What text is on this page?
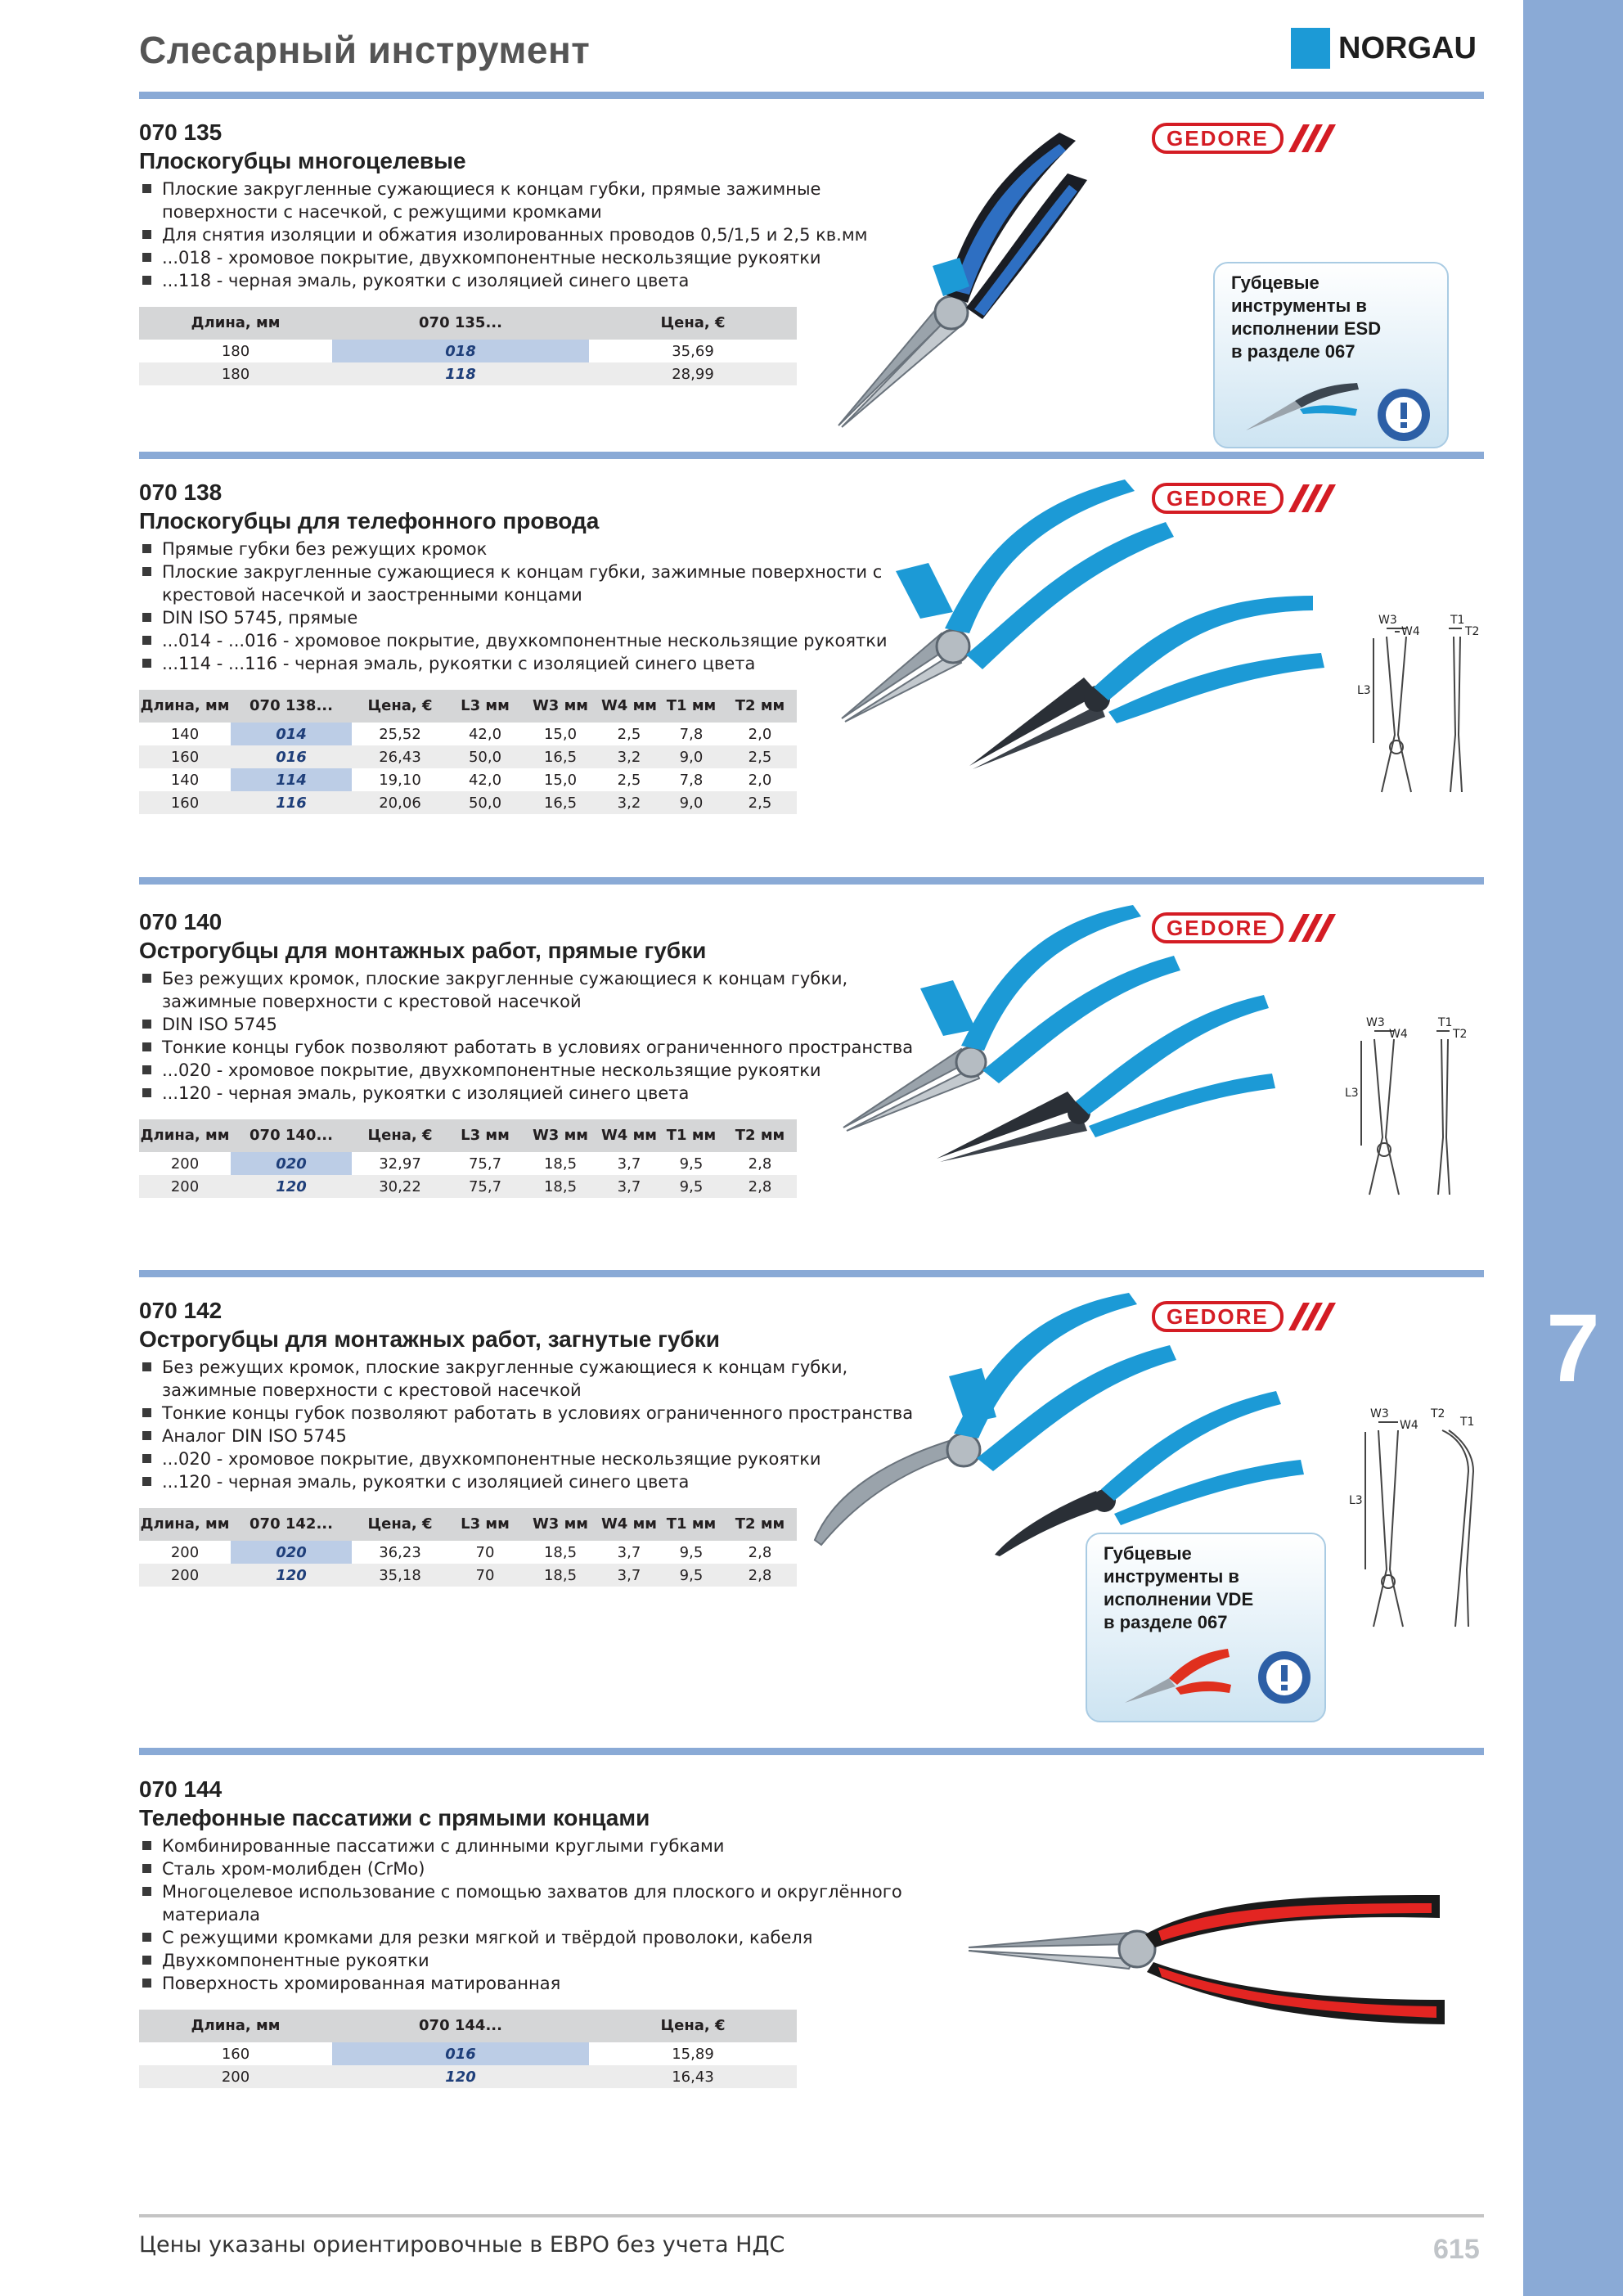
7
Слесарный инструмент	NORGAU
070 135
Плоскогубцы многоцелевые
Плоские закругленные сужающиеся к концам губки, прямые зажимные поверхности с насечкой, с режущими кромками
Для снятия изоляции и обжатия изолированных проводов 0,5/1,5 и 2,5 кв.мм
...018 - хромовое покрытие, двухкомпонентные нескользящие рукоятки
...118 - черная эмаль, рукоятки с изоляцией синего цвета
Длина, мм	070 135...	Цена, €
180	018	35,69
180	118	28,99
GEDORE
Губцевые инструменты в исполнении ESD в разделе 067
070 138
Плоскогубцы для телефонного провода
Прямые губки без режущих кромок
Плоские закругленные сужающиеся к концам губки, зажимные поверхности с крестовой насечкой и заостренными концами
DIN ISO 5745, прямые
...014 - ...016 - хромовое покрытие, двухкомпонентные нескользящие рукоятки
...114 - ...116 - черная эмаль, рукоятки с изоляцией синего цвета
Длина, мм	070 138...	Цена, €	L3 мм	W3 мм	W4 мм	T1 мм	T2 мм
140	014	25,52	42,0	15,0	2,5	7,8	2,0
160	016	26,43	50,0	16,5	3,2	9,0	2,5
140	114	19,10	42,0	15,0	2,5	7,8	2,0
160	116	20,06	50,0	16,5	3,2	9,0	2,5
GEDORE
W3
W4
T1
T2
L3
070 140
Острогубцы для монтажных работ, прямые губки
Без режущих кромок, плоские закругленные сужающиеся к концам губки, зажимные поверхности с крестовой насечкой
DIN ISO 5745
Тонкие концы губок позволяют работать в условиях ограниченного пространства
...020 - хромовое покрытие, двухкомпонентные нескользящие рукоятки
...120 - черная эмаль, рукоятки с изоляцией синего цвета
Длина, мм	070 140...	Цена, €	L3 мм	W3 мм	W4 мм	T1 мм	T2 мм
200	020	32,97	75,7	18,5	3,7	9,5	2,8
200	120	30,22	75,7	18,5	3,7	9,5	2,8
GEDORE
W3
W4
T1
T2
L3
070 142
Острогубцы для монтажных работ, загнутые губки
Без режущих кромок, плоские закругленные сужающиеся к концам губки, зажимные поверхности с крестовой насечкой
Тонкие концы губок позволяют работать в условиях ограниченного пространства
Аналог DIN ISO 5745
...020 - хромовое покрытие, двухкомпонентные нескользящие рукоятки
...120 - черная эмаль, рукоятки с изоляцией синего цвета
Длина, мм	070 142...	Цена, €	L3 мм	W3 мм	W4 мм	T1 мм	T2 мм
200	020	36,23	70	18,5	3,7	9,5	2,8
200	120	35,18	70	18,5	3,7	9,5	2,8
GEDORE
W3
W4
T2
T1
L3
Губцевые инструменты в исполнении VDE в разделе 067
070 144
Телефонные пассатижи с прямыми концами
Комбинированные пассатижи с длинными круглыми губками
Сталь хром-молибден (CrMo)
Многоцелевое использование с помощью захватов для плоского и округлённого материала
С режущими кромками для резки мягкой и твёрдой проволоки, кабеля
Двухкомпонентные рукоятки
Поверхность хромированная матированная
Длина, мм	070 144...	Цена, €
160	016	15,89
200	120	16,43
Цены указаны ориентировочные в ЕВРО без учета НДС	615
